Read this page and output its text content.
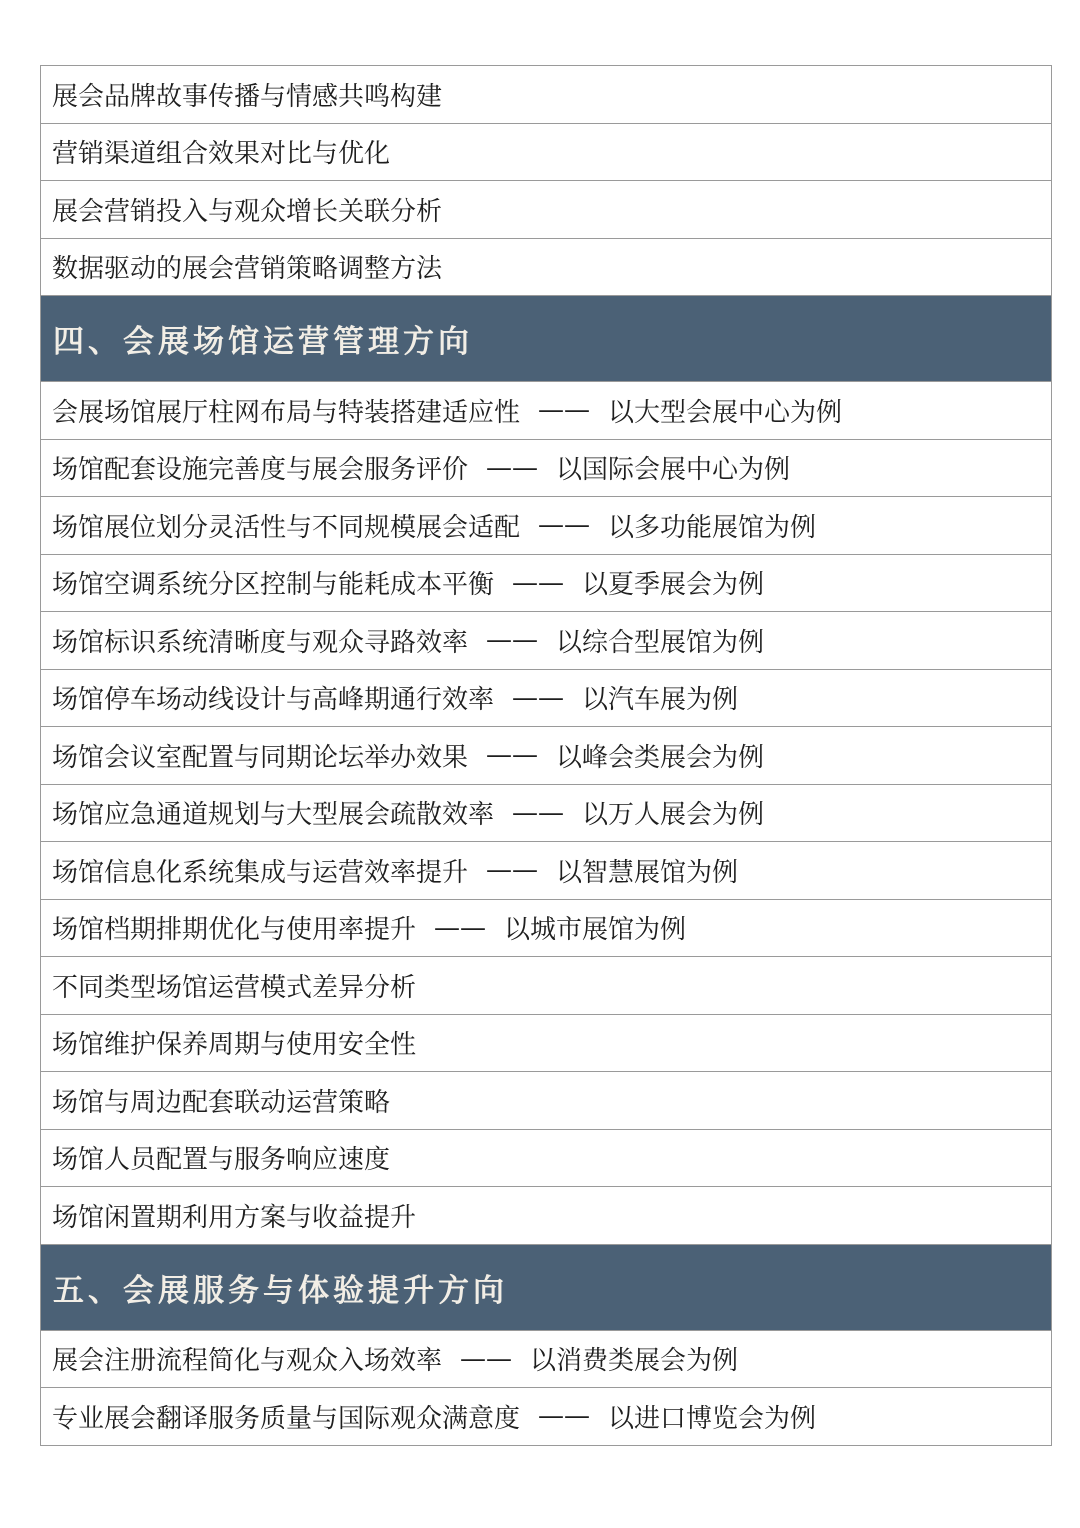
展会品牌故事传播与情感共鸣构建
营销渠道组合效果对比与优化
展会营销投入与观众增长关联分析
数据驱动的展会营销策略调整方法
四、会展场馆运营管理方向
会展场馆展厅柱网布局与特装搭建适应性 —— 以大型会展中心为例
场馆配套设施完善度与展会服务评价 —— 以国际会展中心为例
场馆展位划分灵活性与不同规模展会适配 —— 以多功能展馆为例
场馆空调系统分区控制与能耗成本平衡 —— 以夏季展会为例
场馆标识系统清晰度与观众寻路效率 —— 以综合型展馆为例
场馆停车场动线设计与高峰期通行效率 —— 以汽车展为例
场馆会议室配置与同期论坛举办效果 —— 以峰会类展会为例
场馆应急通道规划与大型展会疏散效率 —— 以万人展会为例
场馆信息化系统集成与运营效率提升 —— 以智慧展馆为例
场馆档期排期优化与使用率提升 —— 以城市展馆为例
不同类型场馆运营模式差异分析
场馆维护保养周期与使用安全性
场馆与周边配套联动运营策略
场馆人员配置与服务响应速度
场馆闲置期利用方案与收益提升
五、会展服务与体验提升方向
展会注册流程简化与观众入场效率 —— 以消费类展会为例
专业展会翻译服务质量与国际观众满意度 —— 以进口博览会为例
